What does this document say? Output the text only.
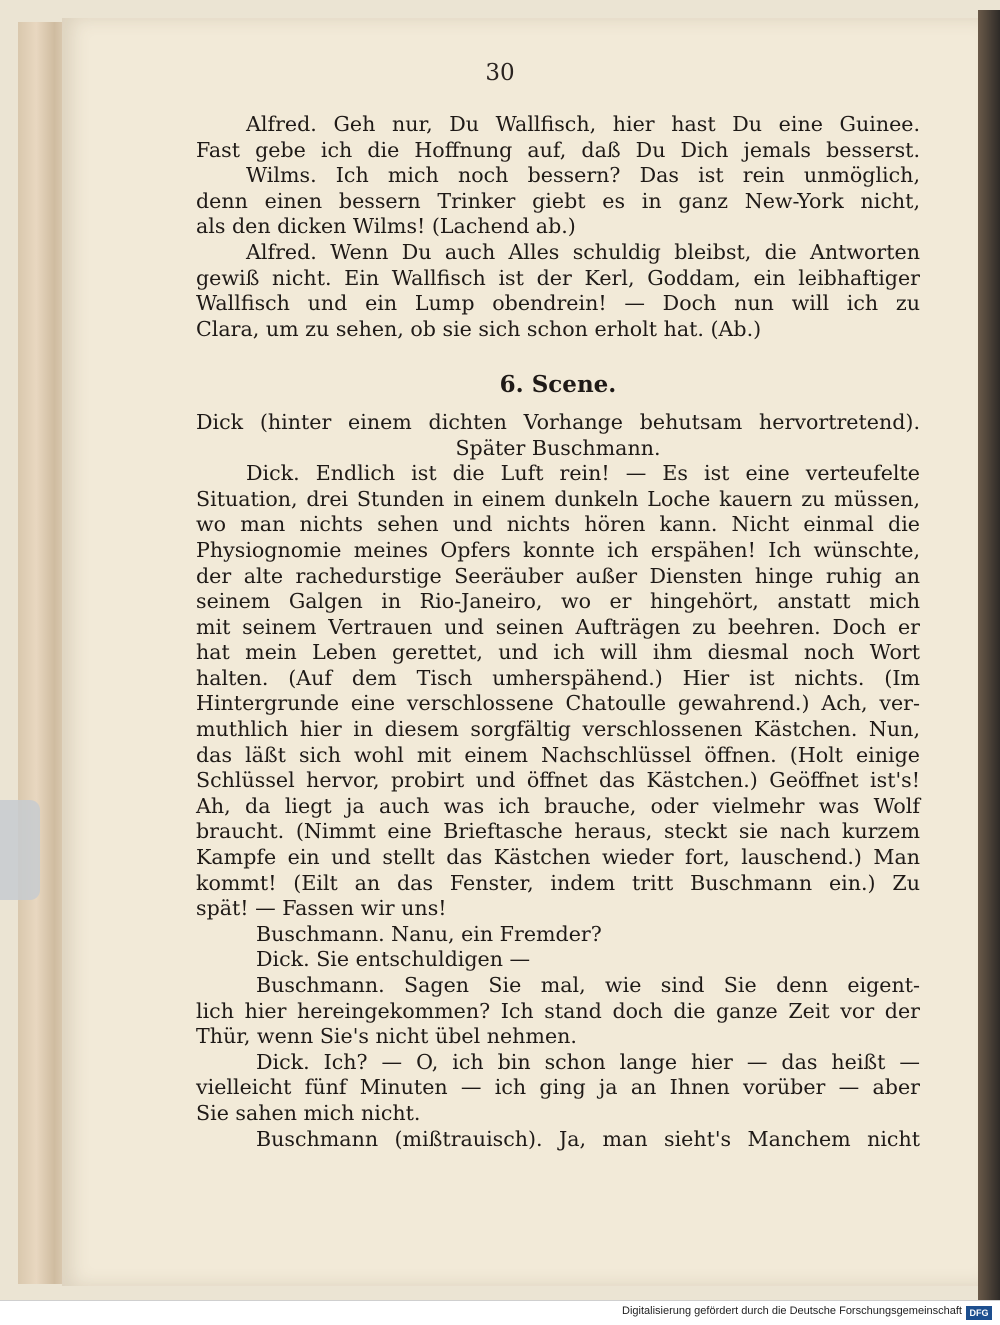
30
Alfred. Geh nur, Du Wallfisch, hier hast Du eine Guinee.
Fast gebe ich die Hoffnung auf, daß Du Dich jemals besserst.
Wilms. Ich mich noch bessern? Das ist rein unmöglich,
denn einen bessern Trinker giebt es in ganz New-York nicht,
als den dicken Wilms! (Lachend ab.)
Alfred. Wenn Du auch Alles schuldig bleibst, die Antworten
gewiß nicht. Ein Wallfisch ist der Kerl, Goddam, ein leibhaftiger
Wallfisch und ein Lump obendrein! — Doch nun will ich zu
Clara, um zu sehen, ob sie sich schon erholt hat. (Ab.)
6. Scene.
Dick (hinter einem dichten Vorhange behutsam hervortretend).
Später Buschmann.
Dick. Endlich ist die Luft rein! — Es ist eine verteufelte
Situation, drei Stunden in einem dunkeln Loche kauern zu müssen,
wo man nichts sehen und nichts hören kann. Nicht einmal die
Physiognomie meines Opfers konnte ich erspähen! Ich wünschte,
der alte rachedurstige Seeräuber außer Diensten hinge ruhig an
seinem Galgen in Rio-Janeiro, wo er hingehört, anstatt mich
mit seinem Vertrauen und seinen Aufträgen zu beehren. Doch er
hat mein Leben gerettet, und ich will ihm diesmal noch Wort
halten. (Auf dem Tisch umherspähend.) Hier ist nichts. (Im
Hintergrunde eine verschlossene Chatoulle gewahrend.) Ach, ver-
muthlich hier in diesem sorgfältig verschlossenen Kästchen. Nun,
das läßt sich wohl mit einem Nachschlüssel öffnen. (Holt einige
Schlüssel hervor, probirt und öffnet das Kästchen.) Geöffnet ist's!
Ah, da liegt ja auch was ich brauche, oder vielmehr was Wolf
braucht. (Nimmt eine Brieftasche heraus, steckt sie nach kurzem
Kampfe ein und stellt das Kästchen wieder fort, lauschend.) Man
kommt! (Eilt an das Fenster, indem tritt Buschmann ein.) Zu
spät! — Fassen wir uns!
Buschmann. Nanu, ein Fremder?
Dick. Sie entschuldigen —
Buschmann. Sagen Sie mal, wie sind Sie denn eigent-
lich hier hereingekommen? Ich stand doch die ganze Zeit vor der
Thür, wenn Sie's nicht übel nehmen.
Dick. Ich? — O, ich bin schon lange hier — das heißt —
vielleicht fünf Minuten — ich ging ja an Ihnen vorüber — aber
Sie sahen mich nicht.
Buschmann (mißtrauisch). Ja, man sieht's Manchem nicht
Digitalisierung gefördert durch die Deutsche Forschungsgemeinschaft DFG
